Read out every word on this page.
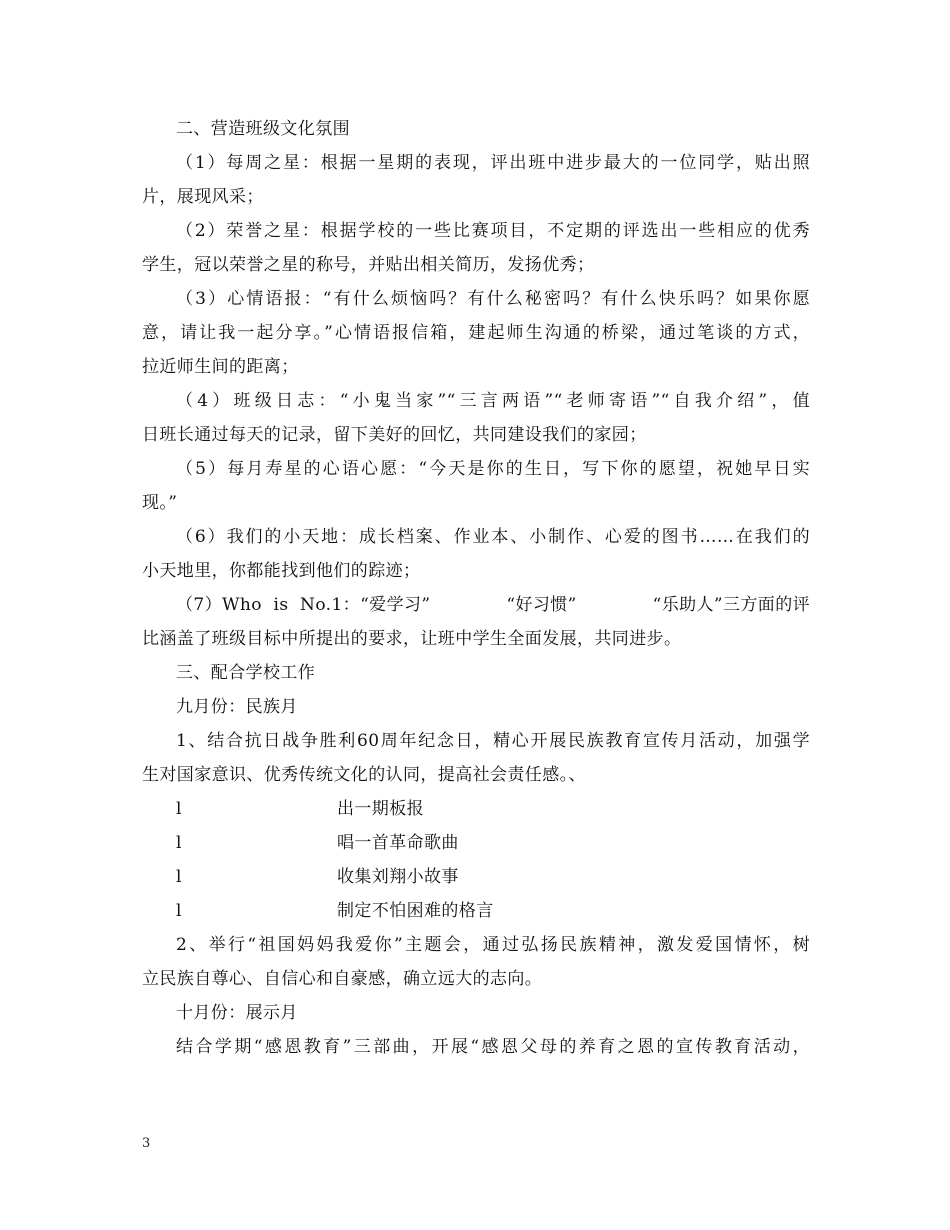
二、营造班级文化氛围
（1）每周之星：根据一星期的表现，评出班中进步最大的一位同学，贴出照
片，展现风采；
（2）荣誉之星：根据学校的一些比赛项目，不定期的评选出一些相应的优秀
学生，冠以荣誉之星的称号，并贴出相关简历，发扬优秀；
（3）心情语报：“有什么烦恼吗？有什么秘密吗？有什么快乐吗？如果你愿
意，请让我一起分享。”心情语报信箱，建起师生沟通的桥梁，通过笔谈的方式，
拉近师生间的距离；
（4）班级日志：“小鬼当家”“三言两语”“老师寄语”“自我介绍”，值
日班长通过每天的记录，留下美好的回忆，共同建设我们的家园；
（5）每月寿星的心语心愿：“今天是你的生日，写下你的愿望，祝她早日实
现。”
（6）我们的小天地：成长档案、作业本、小制作、心爱的图书……在我们的
小天地里，你都能找到他们的踪迹；
（7）Who  is  No.1：“爱学习”	“好习惯”	“乐助人”三方面的评
比涵盖了班级目标中所提出的要求，让班中学生全面发展，共同进步。
三、配合学校工作
九月份：民族月
1、结合抗日战争胜利60周年纪念日，精心开展民族教育宣传月活动，加强学
生对国家意识、优秀传统文化的认同，提高社会责任感。、
l	出一期板报
l	唱一首革命歌曲
l	收集刘翔小故事
l	制定不怕困难的格言
2、举行“祖国妈妈我爱你”主题会，通过弘扬民族精神，激发爱国情怀，树
立民族自尊心、自信心和自豪感，确立远大的志向。
十月份：展示月
结合学期“感恩教育”三部曲，开展“感恩父母的养育之恩的宣传教育活动，
3
